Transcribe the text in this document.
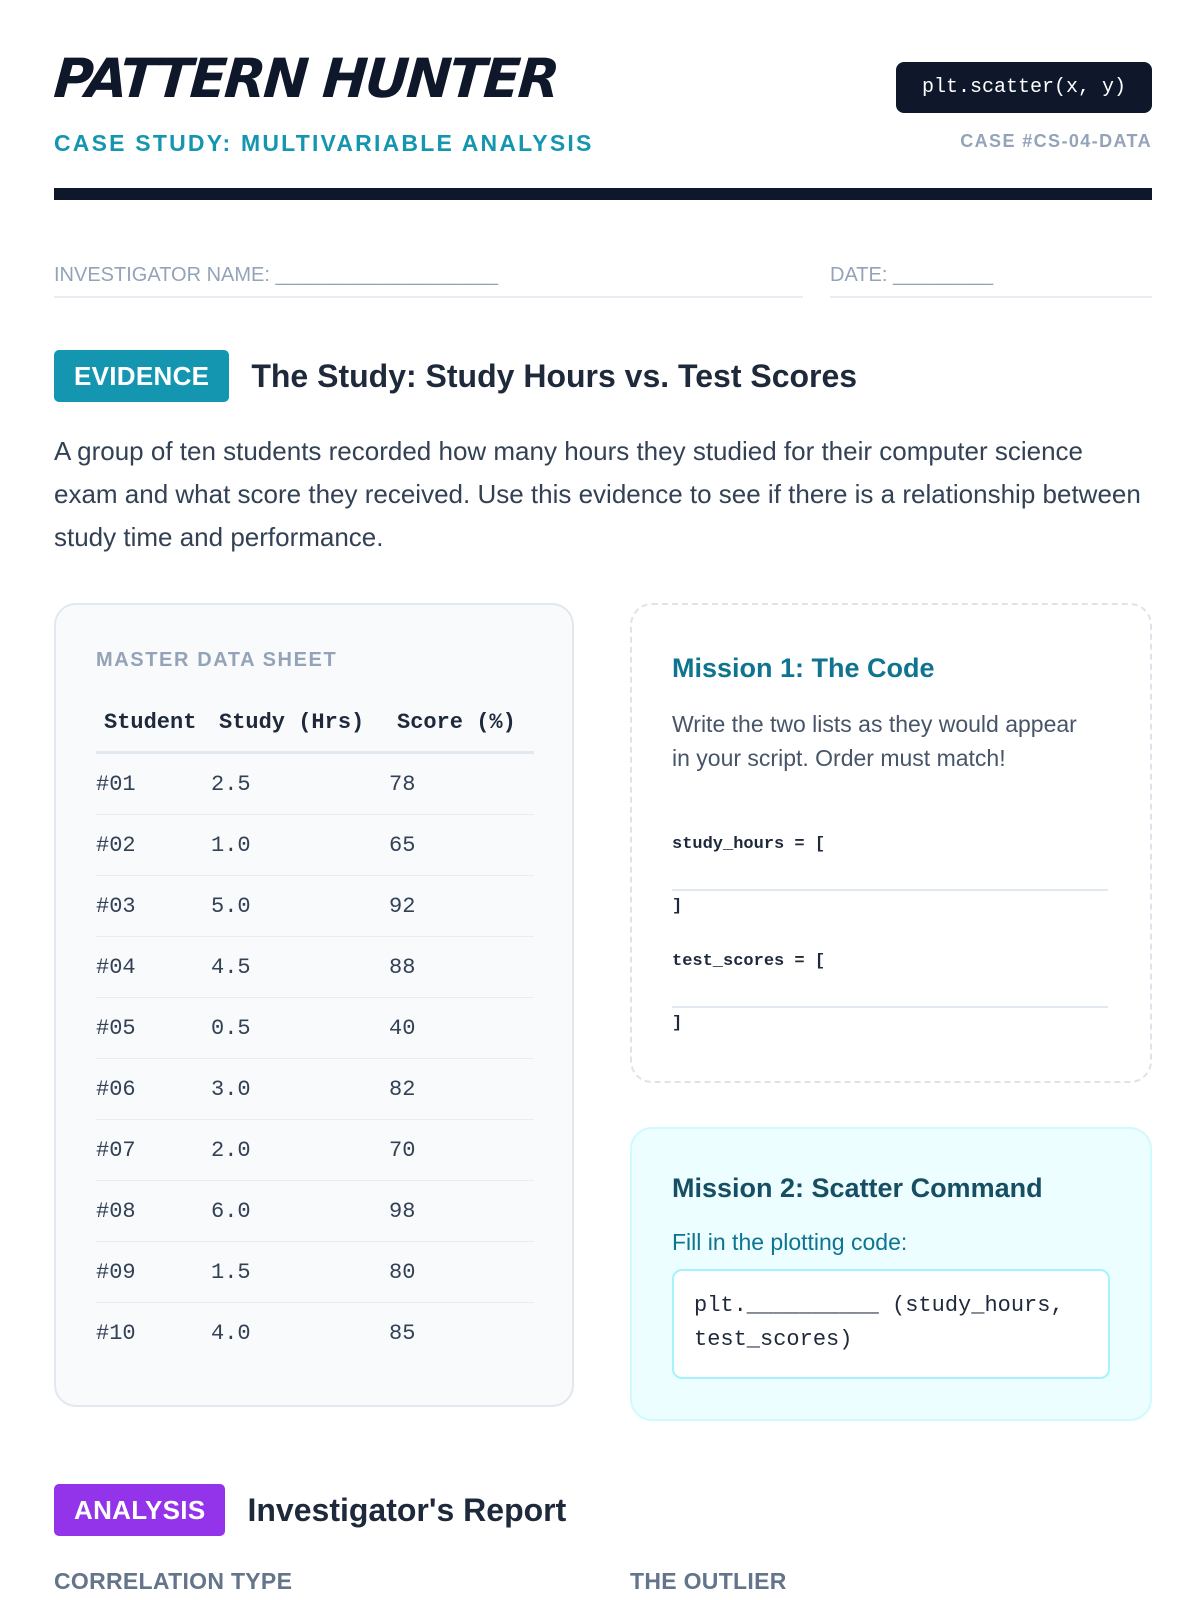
PATTERN HUNTER
CASE STUDY: MULTIVARIABLE ANALYSIS
plt.scatter(x, y)
CASE #CS-04-DATA
INVESTIGATOR NAME: ____________________	DATE: _________
EVIDENCE	The Study: Study Hours vs. Test Scores

A group of ten students recorded how many hours they studied for their computer science exam and what score they received. Use this evidence to see if there is a relationship between study time and performance.

MASTER DATA SHEET
Student	Study (Hrs)	Score (%)
#01	2.5	78
#02	1.0	65
#03	5.0	92
#04	4.5	88
#05	0.5	40
#06	3.0	82
#07	2.0	70
#08	6.0	98
#09	1.5	80
#10	4.0	85
Mission 1: The Code

Write the two lists as they would appear in your script. Order must match!

study_hours = [
]
test_scores = [
]
Mission 2: Scatter Command
Fill in the plotting code:
plt.__________ (study_hours, test_scores)
ANALYSIS	Investigator's Report
CORRELATION TYPE	THE OUTLIER
